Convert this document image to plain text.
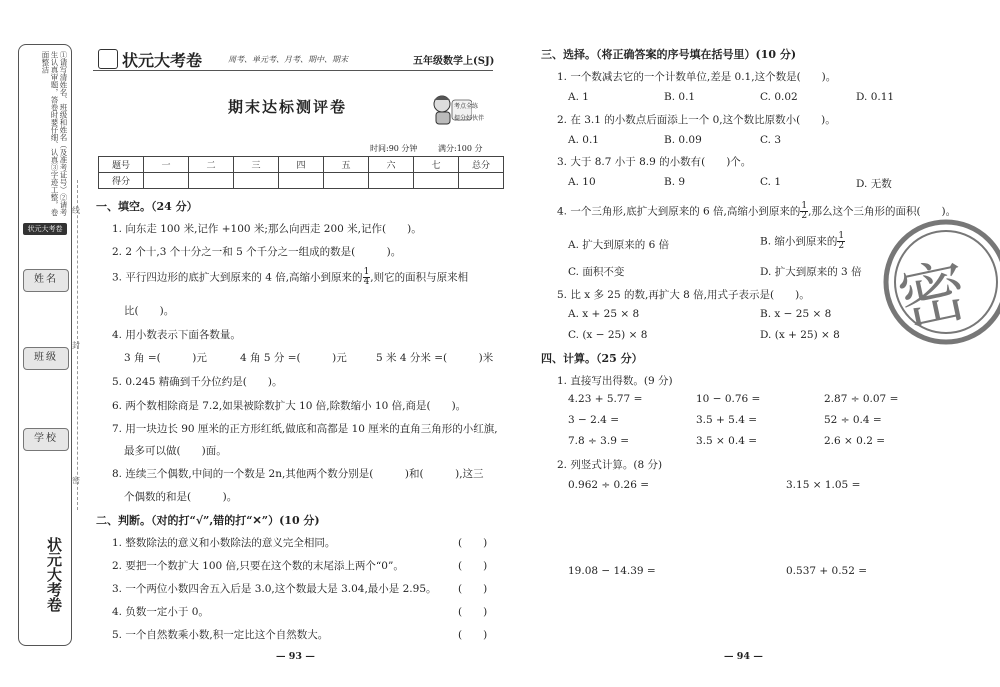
①请写清姓名、班级和姓名（及准考证号）②请考生认真审题，答卷时要仔细、认真③字迹工整，卷面整洁
状元大考卷
姓名
班级
学校
状元大考卷
线
封
密
状元大考卷	周考、单元考、月考、期中、期末	五年级数学上(SJ)
期末达标测评卷	考点全练
提分好伙伴
时间:90 分钟	满分:100 分
题号	一	二	三	四	五	六	七	总分
得分								
一、填空。（24 分）
1. 向东走 100 米,记作 +100 米;那么向西走 200 米,记作(　　)。
2. 2 个十,3 个十分之一和 5 个千分之一组成的数是(　　　)。
3. 平行四边形的底扩大到原来的 4 倍,高缩小到原来的 $\frac{1}{4}$ ,则它的面积与原来相
比(　　)。
4. 用小数表示下面各数量。
3 角 =(　　　)元	4 角 5 分 =(　　　)元	5 米 4 分米 =(　　　)米
5. 0.245 精确到千分位约是(　　)。
6. 两个数相除商是 7.2,如果被除数扩大 10 倍,除数缩小 10 倍,商是(　　)。
7. 用一块边长 90 厘米的正方形红纸,做底和高都是 10 厘米的直角三角形的小红旗,
最多可以做(　　)面。
8. 连续三个偶数,中间的一个数是 2n,其他两个数分别是(　　　)和(　　　),这三
个偶数的和是(　　　)。
二、判断。（对的打“√”,错的打“✕”）(10 分)
1. 整数除法的意义和小数除法的意义完全相同。	(　　)
2. 要把一个数扩大 100 倍,只要在这个数的末尾添上两个“0”。	(　　)
3. 一个两位小数四舍五入后是 3.0,这个数最大是 3.04,最小是 2.95。 (　　)
4. 负数一定小于 0。	(　　)
5. 一个自然数乘小数,积一定比这个自然数大。	(　　)
— 93 —
三、选择。（将正确答案的序号填在括号里）(10 分)
1. 一个数减去它的一个计数单位,差是 0.1,这个数是(　　)。
A. 1	B. 0.1	C. 0.02	D. 0.11
2. 在 3.1 的小数点后面添上一个 0,这个数比原数小(　　)。
A. 0.1	B. 0.09	C. 3
3. 大于 8.7 小于 8.9 的小数有(　　)个。
A. 10	B. 9	C. 1	D. 无数
4. 一个三角形,底扩大到原来的 6 倍,高缩小到原来的 $\frac{1}{2}$ ,那么这个三角形的面积(　　)。
A. 扩大到原来的 6 倍	B. 缩小到原来的 $\frac{1}{2}$
C. 面积不变	D. 扩大到原来的 3 倍
5. 比 x 多 25 的数,再扩大 8 倍,用式子表示是(　　)。
A. x + 25 × 8	B. x − 25 × 8
C. (x − 25) × 8	D. (x + 25) × 8
四、计算。（25 分）
1. 直接写出得数。(9 分)
4.23 + 5.77 =	10 − 0.76 =	2.87 ÷ 0.07 =
3 − 2.4 =	3.5 + 5.4 =	52 ÷ 0.4 =
7.8 ÷ 3.9 =	3.5 × 0.4 =	2.6 × 0.2 =
2. 列竖式计算。(8 分)
0.962 ÷ 0.26 =	3.15 × 1.05 =
19.08 − 14.39 =	0.537 + 0.52 =
— 94 —
密
